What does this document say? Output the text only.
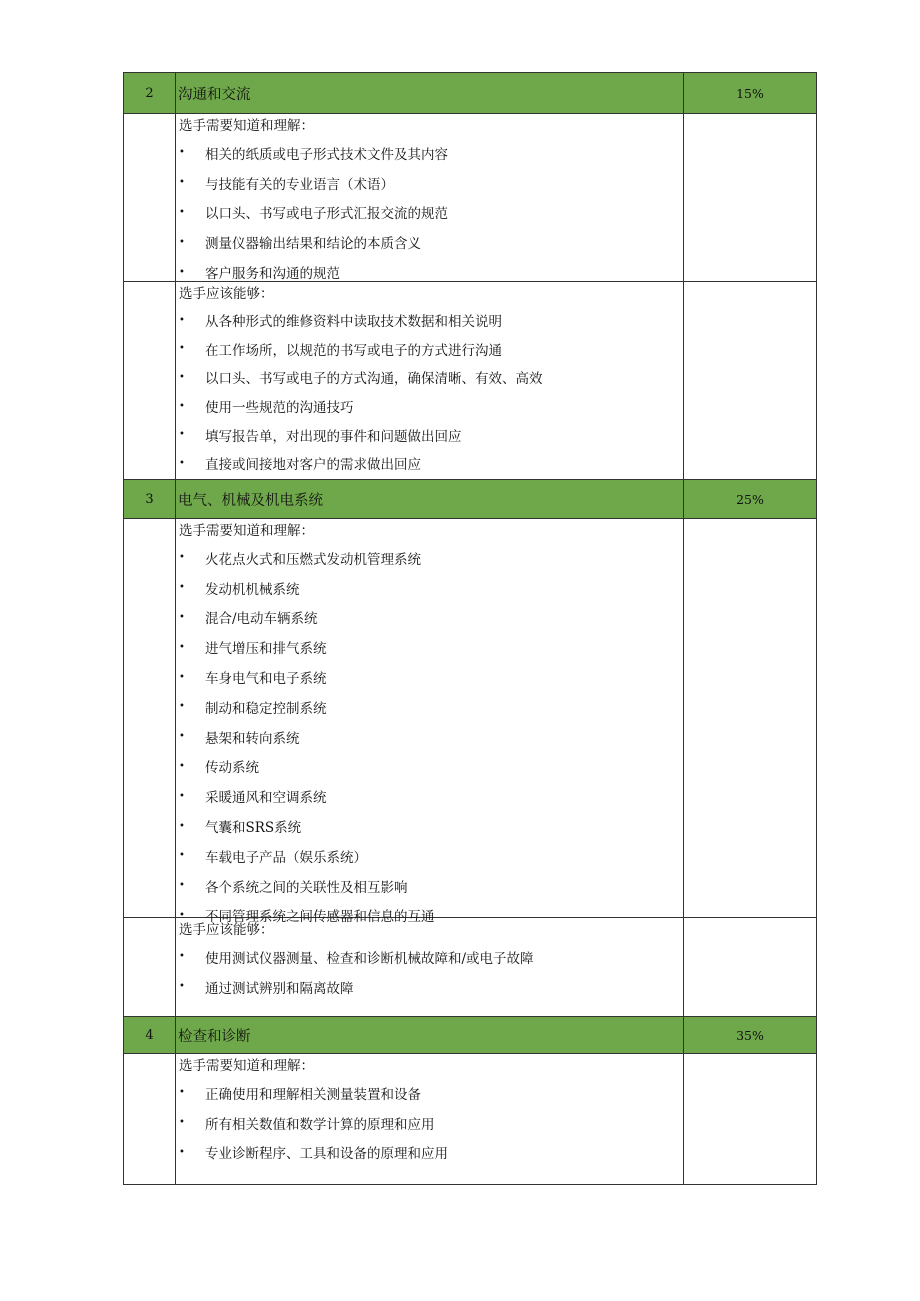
2	沟通和交流	15%
选手需要知道和理解：
•	相关的纸质或电子形式技术文件及其内容
•	与技能有关的专业语言（术语）
•	以口头、书写或电子形式汇报交流的规范
•	测量仪器输出结果和结论的本质含义
•	客户服务和沟通的规范
选手应该能够：
•	从各种形式的维修资料中读取技术数据和相关说明
•	在工作场所，以规范的书写或电子的方式进行沟通
•	以口头、书写或电子的方式沟通，确保清晰、有效、高效
•	使用一些规范的沟通技巧
•	填写报告单，对出现的事件和问题做出回应
•	直接或间接地对客户的需求做出回应
3	电气、机械及机电系统	25%
选手需要知道和理解：
•	火花点火式和压燃式发动机管理系统
•	发动机机械系统
•	混合/电动车辆系统
•	进气增压和排气系统
•	车身电气和电子系统
•	制动和稳定控制系统
•	悬架和转向系统
•	传动系统
•	采暖通风和空调系统
•	气囊和SRS系统
•	车载电子产品（娱乐系统）
•	各个系统之间的关联性及相互影响
•	不同管理系统之间传感器和信息的互通
选手应该能够：
•	使用测试仪器测量、检查和诊断机械故障和/或电子故障
•	通过测试辨别和隔离故障
4	检查和诊断	35%
选手需要知道和理解：
•	正确使用和理解相关测量装置和设备
•	所有相关数值和数学计算的原理和应用
•	专业诊断程序、工具和设备的原理和应用
